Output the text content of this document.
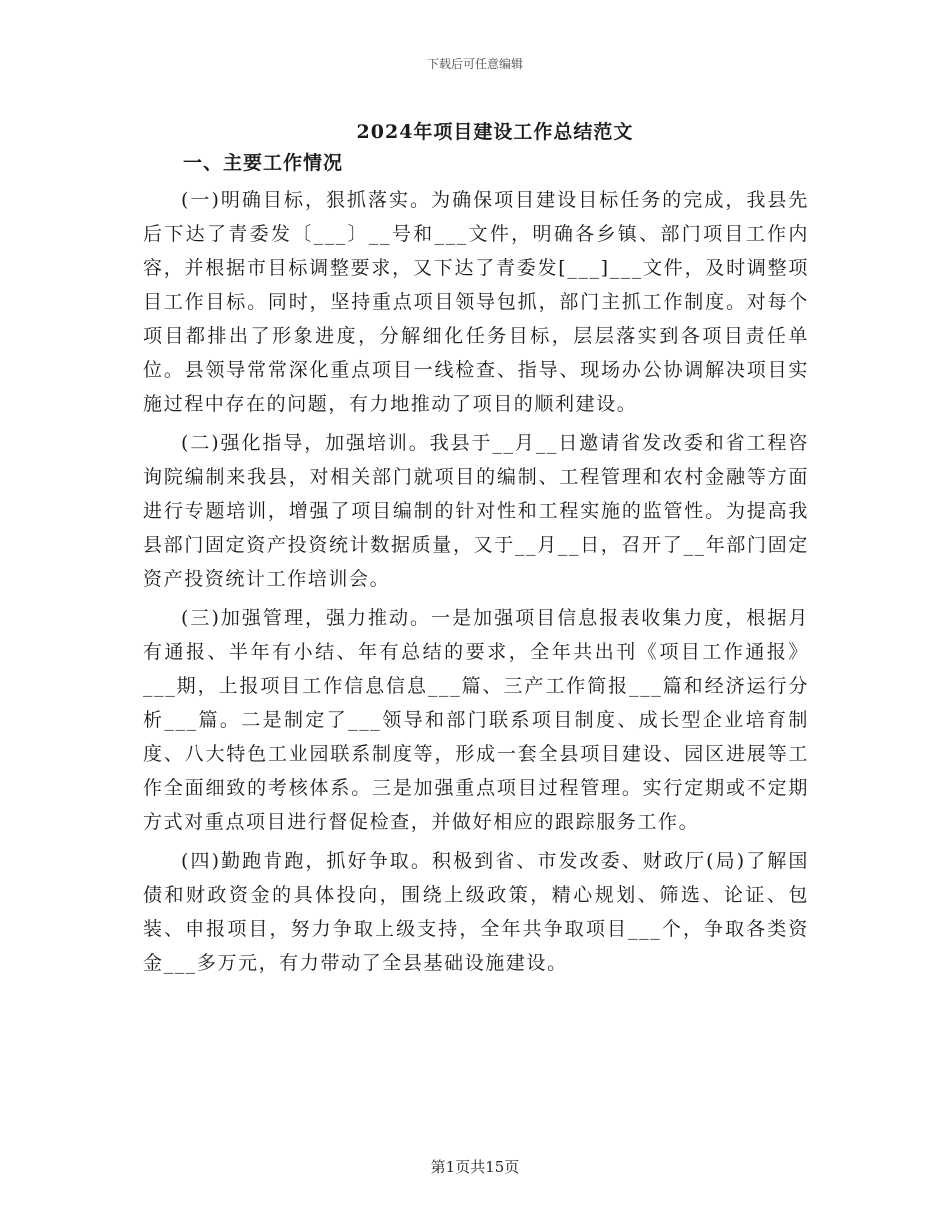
下载后可任意编辑
2024年项目建设工作总结范文
一、主要工作情况

(一)明确目标，狠抓落实。为确保项目建设目标任务的完成，我县先后下达了青委发〔___〕__号和___文件，明确各乡镇、部门项目工作内容，并根据市目标调整要求，又下达了青委发[___]___文件，及时调整项目工作目标。同时，坚持重点项目领导包抓，部门主抓工作制度。对每个项目都排出了形象进度，分解细化任务目标，层层落实到各项目责任单位。县领导常常深化重点项目一线检查、指导、现场办公协调解决项目实施过程中存在的问题，有力地推动了项目的顺利建设。

(二)强化指导，加强培训。我县于__月__日邀请省发改委和省工程咨询院编制来我县，对相关部门就项目的编制、工程管理和农村金融等方面进行专题培训，增强了项目编制的针对性和工程实施的监管性。为提高我县部门固定资产投资统计数据质量，又于__月__日，召开了__年部门固定资产投资统计工作培训会。

(三)加强管理，强力推动。一是加强项目信息报表收集力度，根据月有通报、半年有小结、年有总结的要求，全年共出刊《项目工作通报》___期，上报项目工作信息信息___篇、三产工作简报___篇和经济运行分析___篇。二是制定了___领导和部门联系项目制度、成长型企业培育制度、八大特色工业园联系制度等，形成一套全县项目建设、园区进展等工作全面细致的考核体系。三是加强重点项目过程管理。实行定期或不定期方式对重点项目进行督促检查，并做好相应的跟踪服务工作。

(四)勤跑肯跑，抓好争取。积极到省、市发改委、财政厅(局)了解国债和财政资金的具体投向，围绕上级政策，精心规划、筛选、论证、包装、申报项目，努力争取上级支持，全年共争取项目___个，争取各类资金___多万元，有力带动了全县基础设施建设。

第1页共15页
